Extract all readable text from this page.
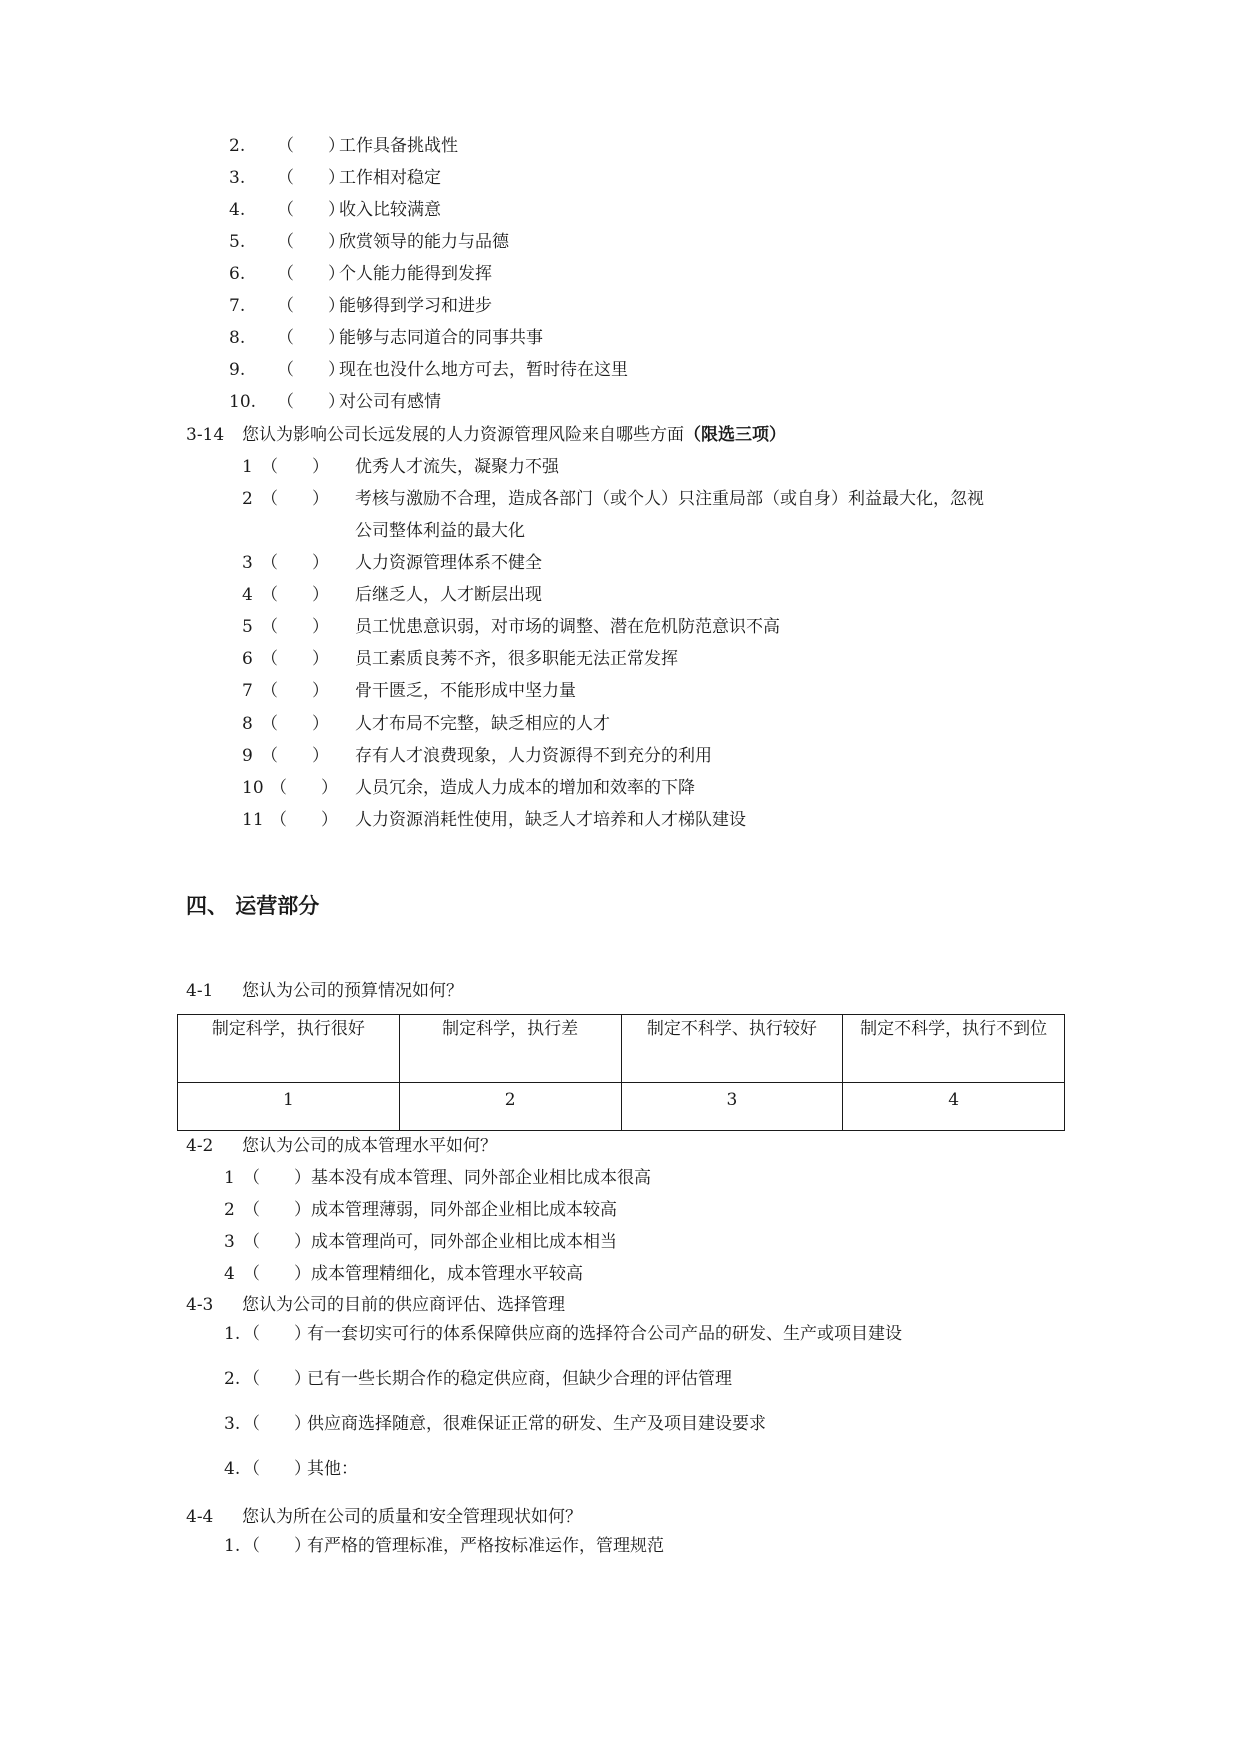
2. （　　）
工作具备挑战性
3. （　　）
工作相对稳定
4. （　　）
收入比较满意
5. （　　）
欣赏领导的能力与品德
6. （　　）
个人能力能得到发挥
7. （　　）
能够得到学习和进步
8. （　　）
能够与志同道合的同事共事
9. （　　）
现在也没什么地方可去，暂时待在这里
10. （　　）
对公司有感情
3-14 您认为影响公司长远发展的人力资源管理风险来自哪些方面（限选三项）
1 （　　） 优秀人才流失，凝聚力不强
2 （　　） 考核与激励不合理，造成各部门（或个人）只注重局部（或自身）利益最大化，忽视
公司整体利益的最大化
3 （　　） 人力资源管理体系不健全
4 （　　） 后继乏人，人才断层出现
5 （　　） 员工忧患意识弱，对市场的调整、潜在危机防范意识不高
6 （　　） 员工素质良莠不齐，很多职能无法正常发挥
7 （　　） 骨干匮乏，不能形成中坚力量
8 （　　） 人才布局不完整，缺乏相应的人才
9 （　　） 存有人才浪费现象，人力资源得不到充分的利用
10 （　　） 人员冗余，造成人力成本的增加和效率的下降
11 （　　） 人力资源消耗性使用，缺乏人才培养和人才梯队建设
四、 运营部分
4-1 您认为公司的预算情况如何？
制定科学，执行很好	制定科学，执行差	制定不科学、执行较好	制定不科学，执行不到位
1	2	3	4
4-2 您认为公司的成本管理水平如何？
1 （　　） 基本没有成本管理、同外部企业相比成本很高
2 （　　） 成本管理薄弱，同外部企业相比成本较高
3 （　　） 成本管理尚可，同外部企业相比成本相当
4 （　　） 成本管理精细化，成本管理水平较高
4-3 您认为公司的目前的供应商评估、选择管理
1. （　　）
有一套切实可行的体系保障供应商的选择符合公司产品的研发、生产或项目建设
2. （　　）
已有一些长期合作的稳定供应商，但缺少合理的评估管理
3. （　　）
供应商选择随意，很难保证正常的研发、生产及项目建设要求
4. （　　）
其他：
4-4 您认为所在公司的质量和安全管理现状如何？
1. （　　）
有严格的管理标准，严格按标准运作，管理规范
